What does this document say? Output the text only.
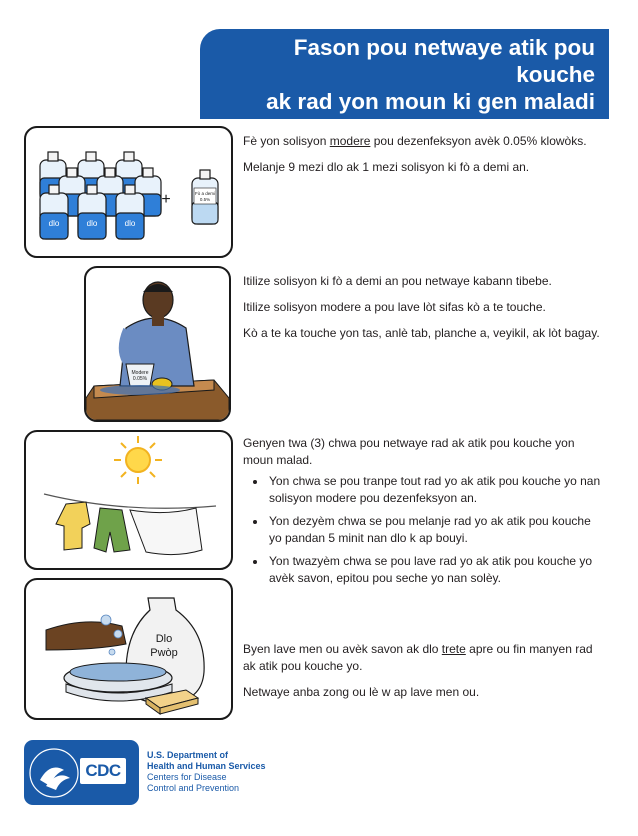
Fason pou netwaye atik pou kouche
ak rad yon moun ki gen maladi
kolera
dlo	dlo	dlo
+	Fò a demi
0.5%

Fè yon solisyon modere pou dezenfeksyon avèk 0.05% klowòks.

Melanje 9 mezi dlo ak 1 mezi solisyon ki fò a demi an.

Modere
0.05%

Itilize solisyon ki fò a demi an pou netwaye kabann tibebe.

Itilize solisyon modere a pou lave lòt sifas kò a te touche.

Kò a te ka touche yon tas, anlè tab, planche a, veyikil, ak lòt bagay.

Genyen twa (3) chwa pou netwaye rad ak atik pou kouche yon moun malad.

• Yon chwa se pou tranpe tout rad yo ak atik pou kouche yo nan solisyon modere pou dezenfeksyon an.
• Yon dezyèm chwa se pou melanje rad yo ak atik pou kouche yo pandan 5 minit nan dlo k ap bouyi.
• Yon twazyèm chwa se pou lave rad yo ak atik pou kouche yo avèk savon, epitou pou seche yo nan solèy.
Dlo
Pwòp	Byen lave men ou avèk savon ak dlo trete apre ou fin manyen rad ak atik pou kouche yo.

Netwaye anba zong ou lè w ap lave men ou.

CDC
U.S. Department of
Health and Human Services
Centers for Disease
Control and Prevention
